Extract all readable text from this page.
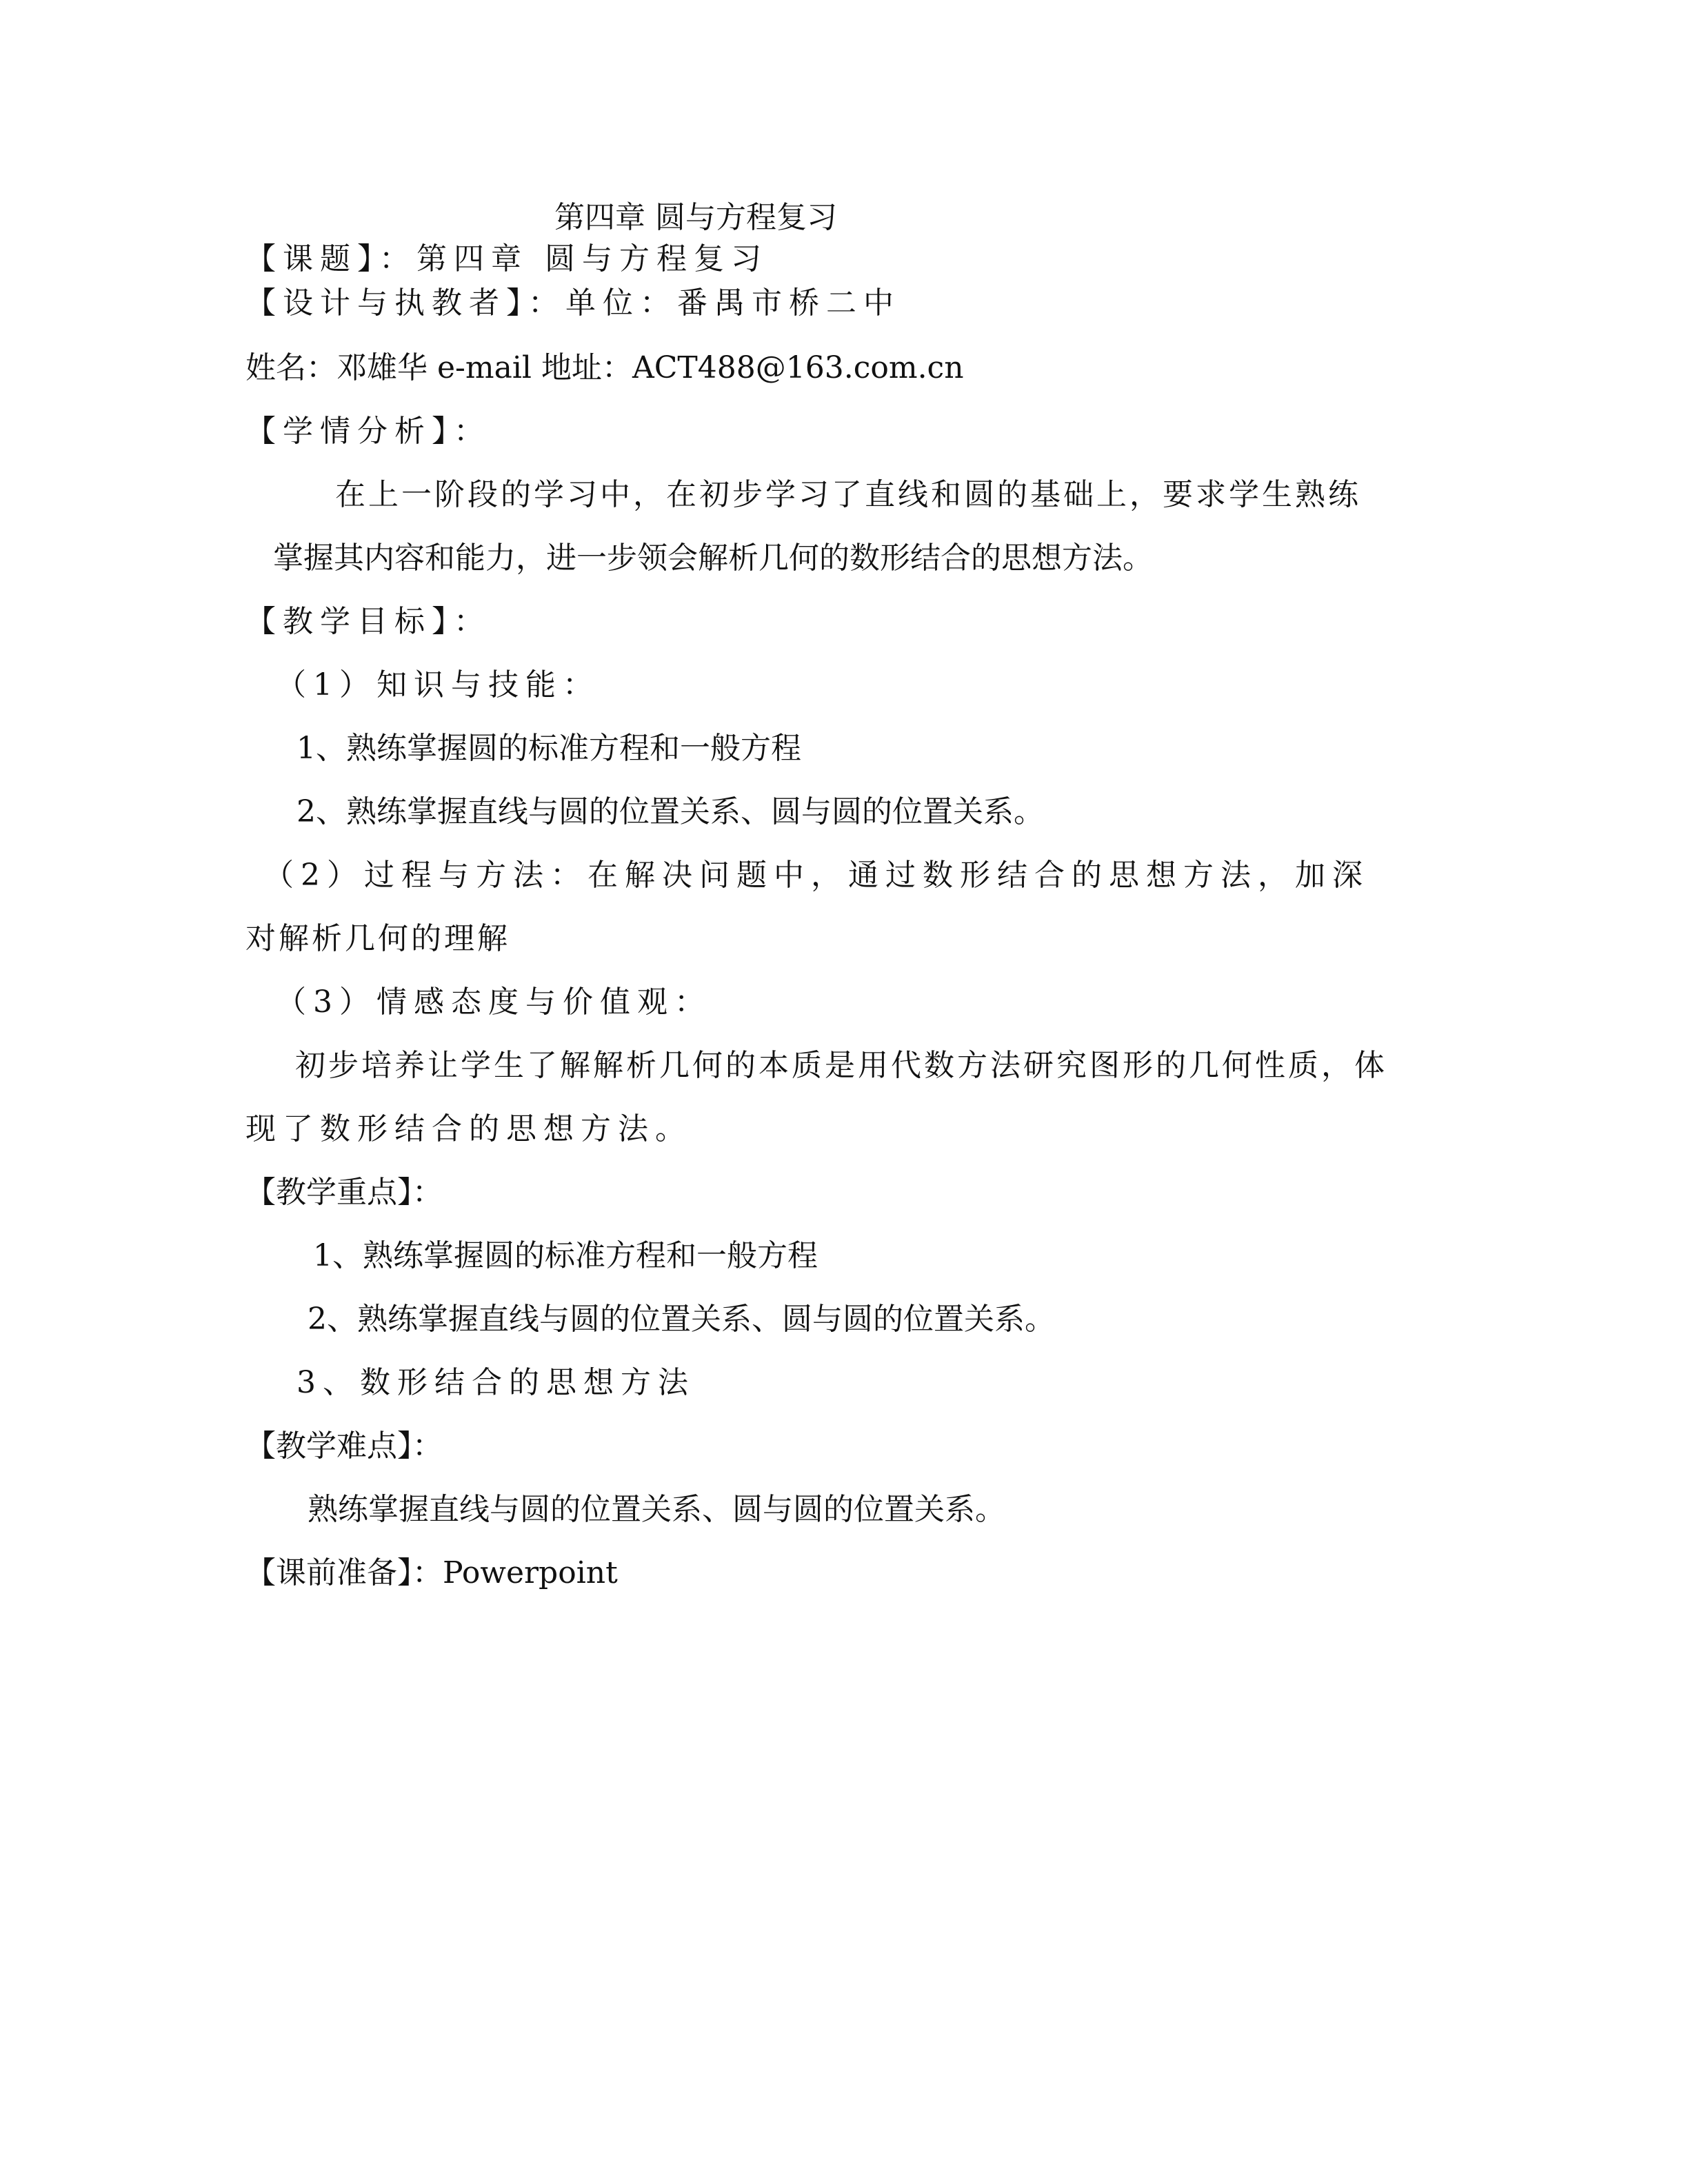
第四章 圆与方程复习
【课题】：第四章 圆与方程复习
【设计与执教者】：单位：番禺市桥二中
姓名：邓雄华 e-mail 地址：ACT488@163.com.cn
【学情分析】：
在上一阶段的学习中，在初步学习了直线和圆的基础上，要求学生熟练
掌握其内容和能力，进一步领会解析几何的数形结合的思想方法。
【教学目标】：
（1）知识与技能：
1、熟练掌握圆的标准方程和一般方程
2、熟练掌握直线与圆的位置关系、圆与圆的位置关系。
（2）过程与方法：在解决问题中，通过数形结合的思想方法，加深
对解析几何的理解
（3）情感态度与价值观：
初步培养让学生了解解析几何的本质是用代数方法研究图形的几何性质，体
现了数形结合的思想方法。
【教学重点】：
1、熟练掌握圆的标准方程和一般方程
2、熟练掌握直线与圆的位置关系、圆与圆的位置关系。
3、数形结合的思想方法
【教学难点】：
熟练掌握直线与圆的位置关系、圆与圆的位置关系。
【课前准备】：Powerpoint
